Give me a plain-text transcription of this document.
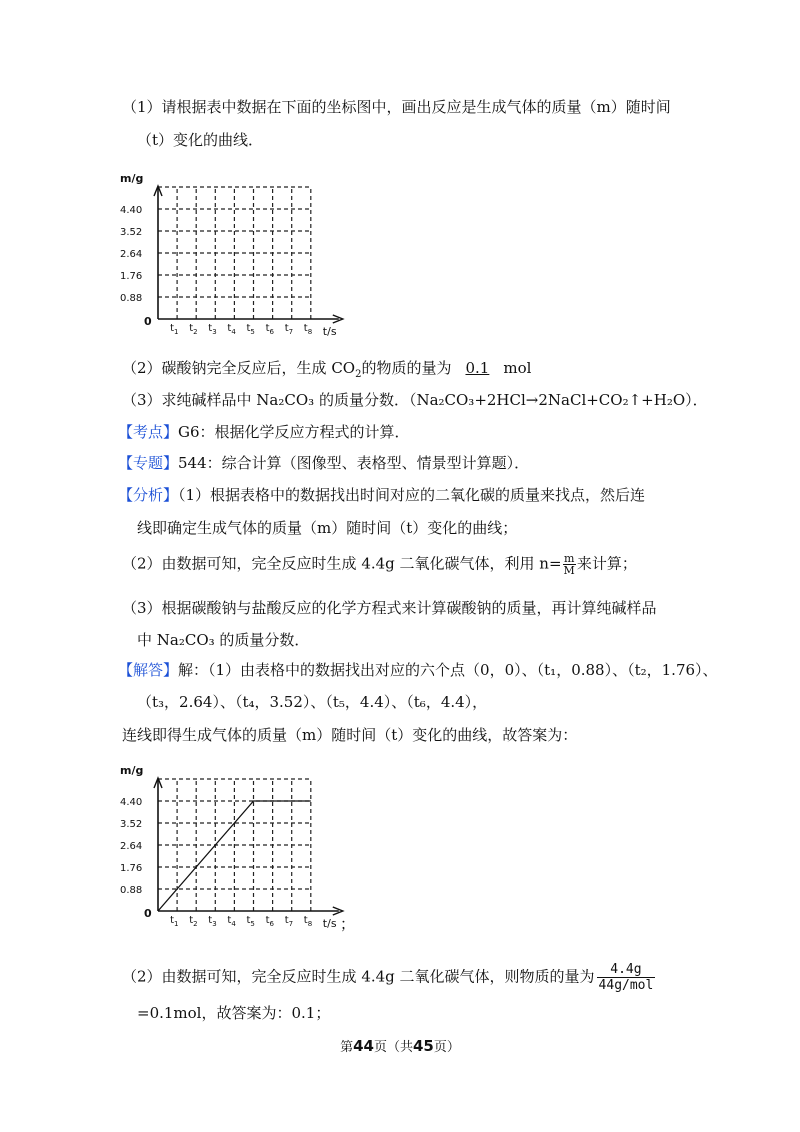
（1）请根据表中数据在下面的坐标图中，画出反应是生成气体的质量（m）随时间
（t）变化的曲线．
m/g
t/s
0
0.88
1.76
2.64
3.52
4.40
$t_1$ $t_2$ $t_3$ $t_4$ $t_5$ $t_6$ $t_7$ $t_8$
（2）碳酸钠完全反应后，生成 $CO_2$的物质的量为 0.1 mol
（3）求纯碱样品中 Na₂CO₃ 的质量分数．（Na₂CO₃+2HCl→2NaCl+CO₂↑+H₂O）．
【考点】G6：根据化学反应方程式的计算．
【专题】544：综合计算（图像型、表格型、情景型计算题）．
【分析】（1）根据表格中的数据找出时间对应的二氧化碳的质量来找点，然后连
线即确定生成气体的质量（m）随时间（t）变化的曲线；
（2）由数据可知，完全反应时生成 4.4g 二氧化碳气体，利用 $n= \frac{m}{M}$ 来计算；
（3）根据碳酸钠与盐酸反应的化学方程式来计算碳酸钠的质量，再计算纯碱样品
中 Na₂CO₃ 的质量分数．
【解答】解：（1）由表格中的数据找出对应的六个点（0，0）、（t₁，0.88）、（t₂，1.76）、
（t₃，2.64）、（t₄，3.52）、（t₅，4.4）、（t₆，4.4），
连线即得生成气体的质量（m）随时间（t）变化的曲线，故答案为：
m/g
t/s
0
0.88
1.76
2.64
3.52
4.40
$t_1$ $t_2$ $t_3$ $t_4$ $t_5$ $t_6$ $t_7$ $t_8$ ；
（2）由数据可知，完全反应时生成 4.4g 二氧化碳气体，则物质的量为 $\frac{4.4g}{\text{44g/mol}}$
=0.1mol，故答案为：0.1；
第44页（共45页）
